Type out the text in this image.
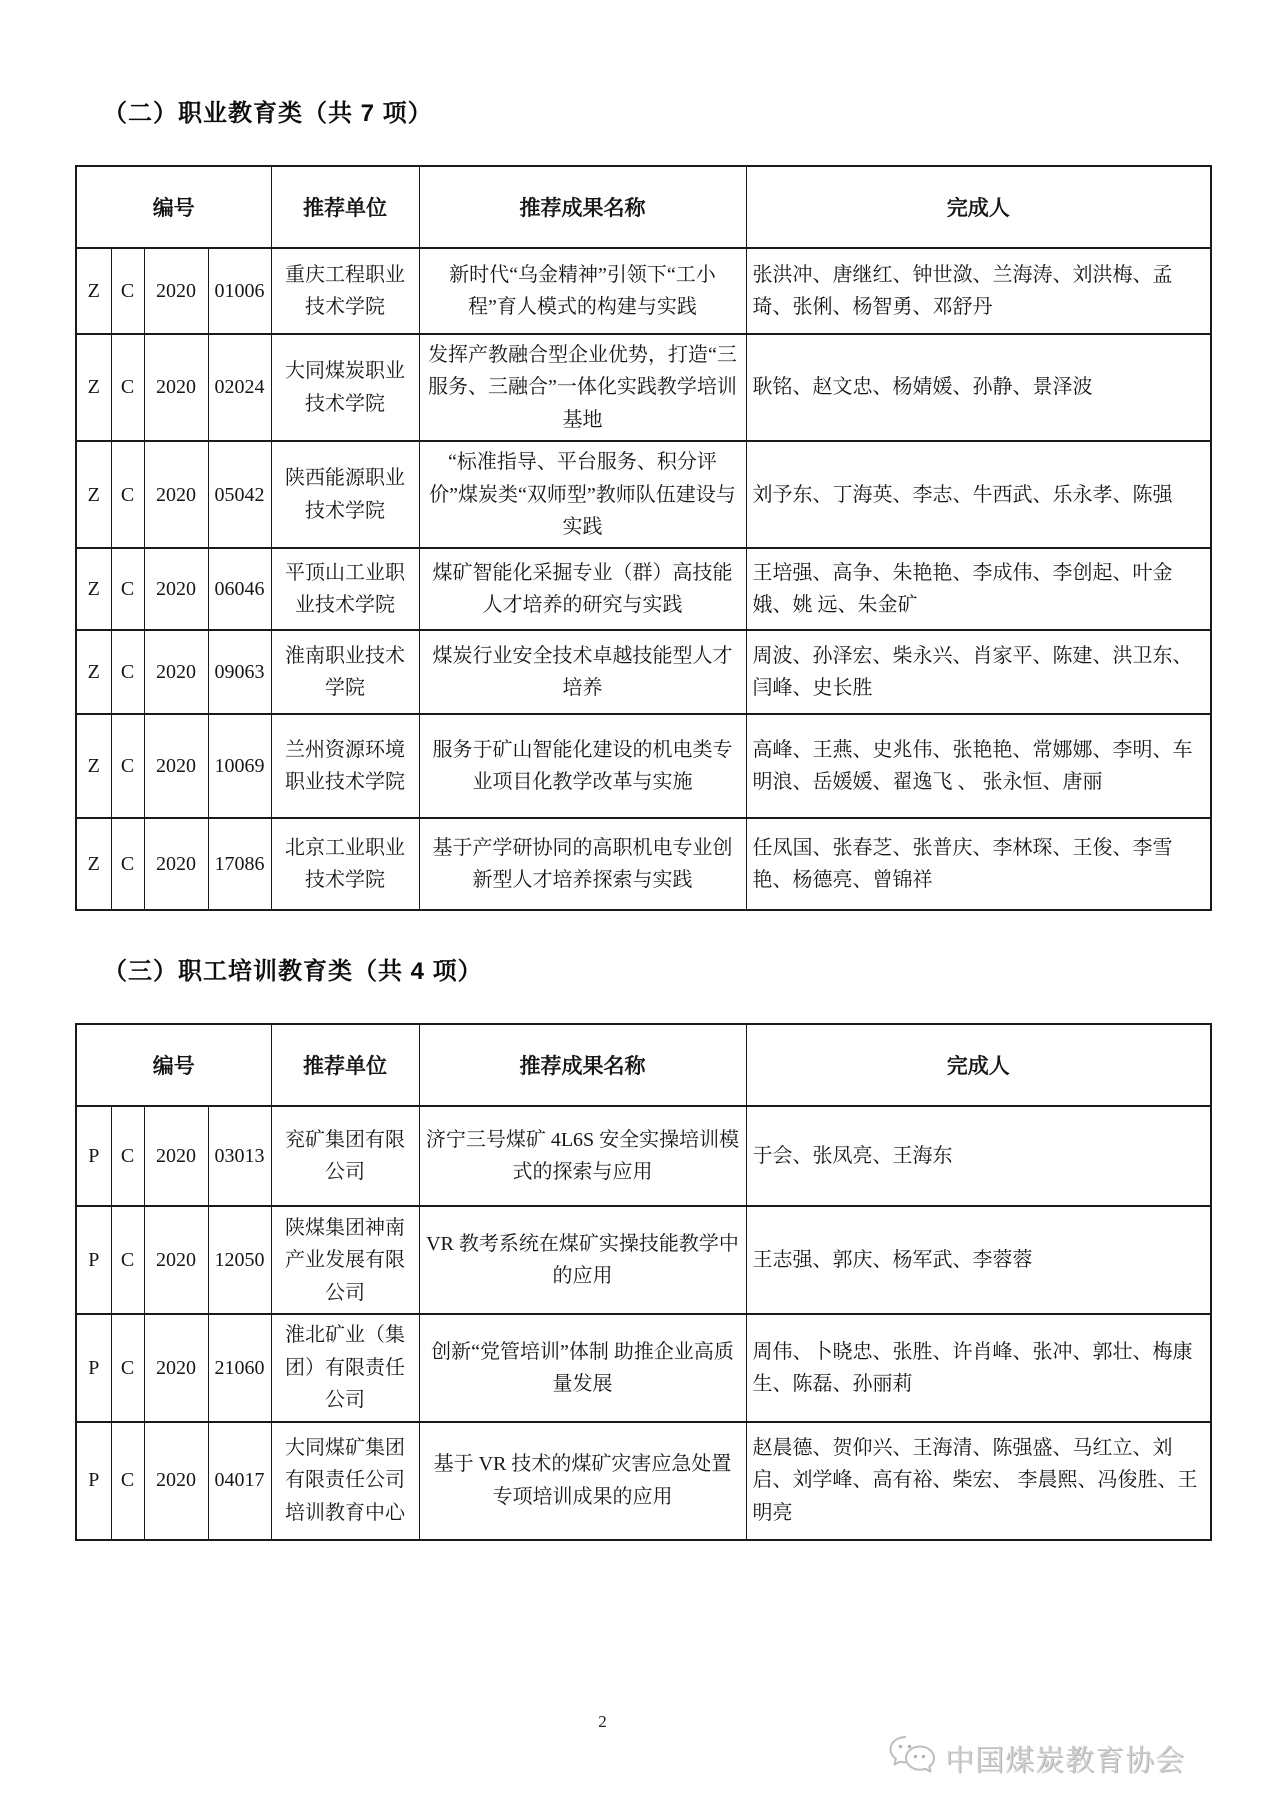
（二）职业教育类（共 7 项）
编号				推荐单位	推荐成果名称	完成人
Z	C	2020	01006	重庆工程职业技术学院	新时代“乌金精神”引领下“工小程”育人模式的构建与实践	张洪冲、唐继红、钟世潋、兰海涛、刘洪梅、孟琦、张俐、杨智勇、邓舒丹
Z	C	2020	02024	大同煤炭职业技术学院	发挥产教融合型企业优势，打造“三服务、三融合”一体化实践教学培训基地	耿铭、赵文忠、杨婧媛、孙静、景泽波
Z	C	2020	05042	陕西能源职业技术学院	“标准指导、平台服务、积分评价”煤炭类“双师型”教师队伍建设与实践	刘予东、丁海英、李志、牛西武、乐永孝、陈强
Z	C	2020	06046	平顶山工业职业技术学院	煤矿智能化采掘专业（群）高技能人才培养的研究与实践	王培强、高争、朱艳艳、李成伟、李创起、叶金娥、姚 远、朱金矿
Z	C	2020	09063	淮南职业技术学院	煤炭行业安全技术卓越技能型人才培养	周波、孙泽宏、柴永兴、肖家平、陈建、洪卫东、闫峰、史长胜
Z	C	2020	10069	兰州资源环境职业技术学院	服务于矿山智能化建设的机电类专业项目化教学改革与实施	高峰、王燕、史兆伟、张艳艳、常娜娜、李明、车明浪、岳媛媛、翟逸飞 、 张永恒、唐丽
Z	C	2020	17086	北京工业职业技术学院	基于产学研协同的高职机电专业创新型人才培养探索与实践	任凤国、张春芝、张普庆、李林琛、王俊、李雪艳、杨德亮、曾锦祥
（三）职工培训教育类（共 4 项）
编号				推荐单位	推荐成果名称	完成人
P	C	2020	03013	兖矿集团有限公司	济宁三号煤矿 4L6S 安全实操培训模式的探索与应用	于会、张凤亮、王海东
P	C	2020	12050	陕煤集团神南产业发展有限公司	VR 教考系统在煤矿实操技能教学中的应用	王志强、郭庆、杨军武、李蓉蓉
P	C	2020	21060	淮北矿业（集团）有限责任公司	创新“党管培训”体制 助推企业高质量发展	周伟、卜晓忠、张胜、许肖峰、张冲、郭壮、梅康生、陈磊、孙丽莉
P	C	2020	04017	大同煤矿集团有限责任公司培训教育中心	基于 VR 技术的煤矿灾害应急处置专项培训成果的应用	赵晨德、贺仰兴、王海清、陈强盛、马红立、刘启、刘学峰、高有裕、柴宏、 李晨熙、冯俊胜、王明亮
2
中国煤炭教育协会
